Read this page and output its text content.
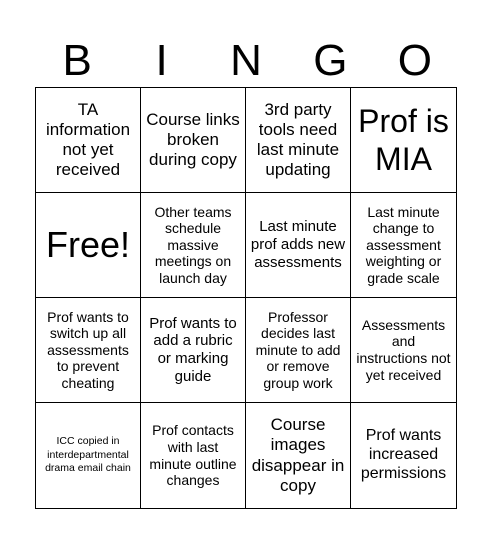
B	I	N	G	O
TA information not yet received
Course links broken during copy
3rd party tools need last minute updating
Prof is MIA
Free!
Other teams schedule massive meetings on launch day
Last minute prof adds new assessments
Last minute change to assessment weighting or grade scale
Prof wants to switch up all assessments to prevent cheating
Prof wants to add a rubric or marking guide
Professor decides last minute to add or remove group work
Assessments and instructions not yet received
ICC copied in interdepartmental drama email chain
Prof contacts with last minute outline changes
Course images disappear in copy
Prof wants increased permissions
